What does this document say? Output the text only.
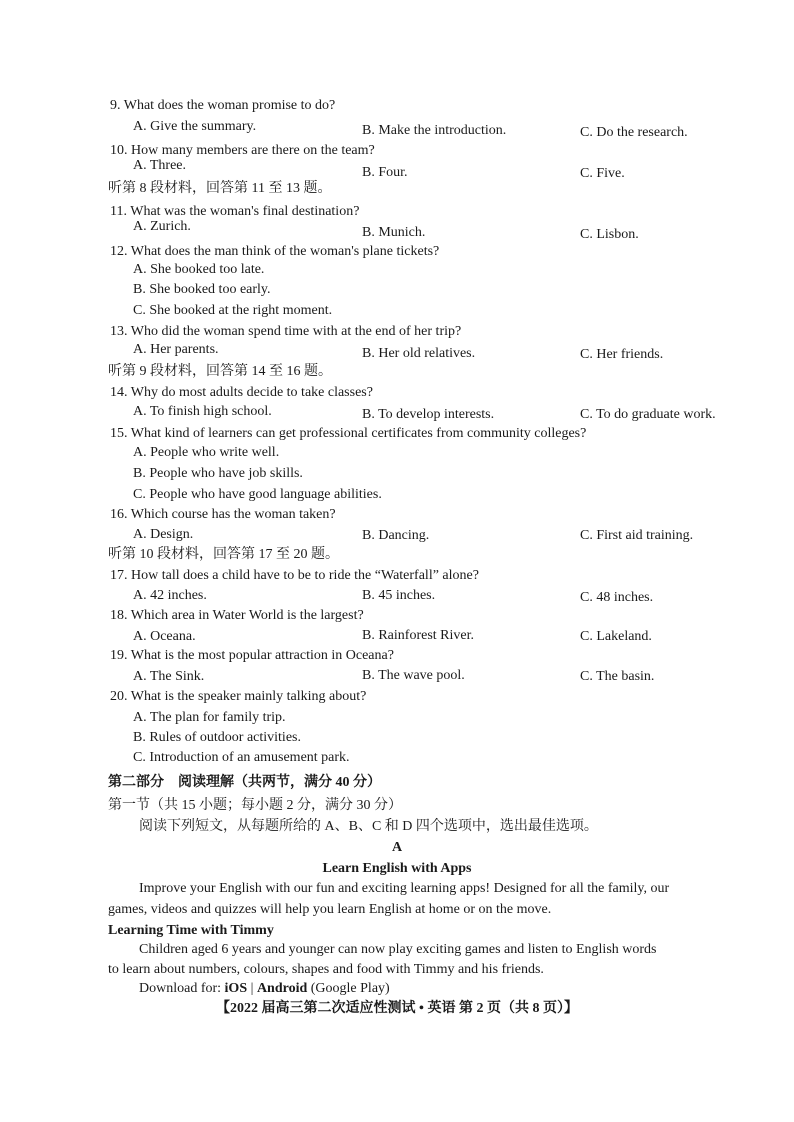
9. What does the woman promise to do?
A. Give the summary.	B. Make the introduction.	C. Do the research.
10. How many members are there on the team?
A. Three.	B. Four.	C. Five.
听第 8 段材料，回答第 11 至 13 题。
11. What was the woman's final destination?
A. Zurich.	B. Munich.	C. Lisbon.
12. What does the man think of the woman's plane tickets?
A. She booked too late.
B. She booked too early.
C. She booked at the right moment.
13. Who did the woman spend time with at the end of her trip?
A. Her parents.	B. Her old relatives.	C. Her friends.
听第 9 段材料，回答第 14 至 16 题。
14. Why do most adults decide to take classes?
A. To finish high school.	B. To develop interests.	C. To do graduate work.
15. What kind of learners can get professional certificates from community colleges?
A. People who write well.
B. People who have job skills.
C. People who have good language abilities.
16. Which course has the woman taken?
A. Design.	B. Dancing.	C. First aid training.
听第 10 段材料，回答第 17 至 20 题。
17. How tall does a child have to be to ride the “Waterfall” alone?
A. 42 inches.	B. 45 inches.	C. 48 inches.
18. Which area in Water World is the largest?
A. Oceana.	B. Rainforest River.	C. Lakeland.
19. What is the most popular attraction in Oceana?
A. The Sink.	B. The wave pool.	C. The basin.
20. What is the speaker mainly talking about?
A. The plan for family trip.
B. Rules of outdoor activities.
C. Introduction of an amusement park.
第二部分　阅读理解（共两节，满分 40 分）
第一节（共 15 小题；每小题 2 分，满分 30 分）
阅读下列短文，从每题所给的 A、B、C 和 D 四个选项中，选出最佳选项。
A
Learn English with Apps
Improve your English with our fun and exciting learning apps! Designed for all the family, our
games, videos and quizzes will help you learn English at home or on the move.
Learning Time with Timmy
Children aged 6 years and younger can now play exciting games and listen to English words
to learn about numbers, colours, shapes and food with Timmy and his friends.
Download for: iOS | Android (Google Play)
【2022 届高三第二次适应性测试 • 英语 第 2 页（共 8 页）】
